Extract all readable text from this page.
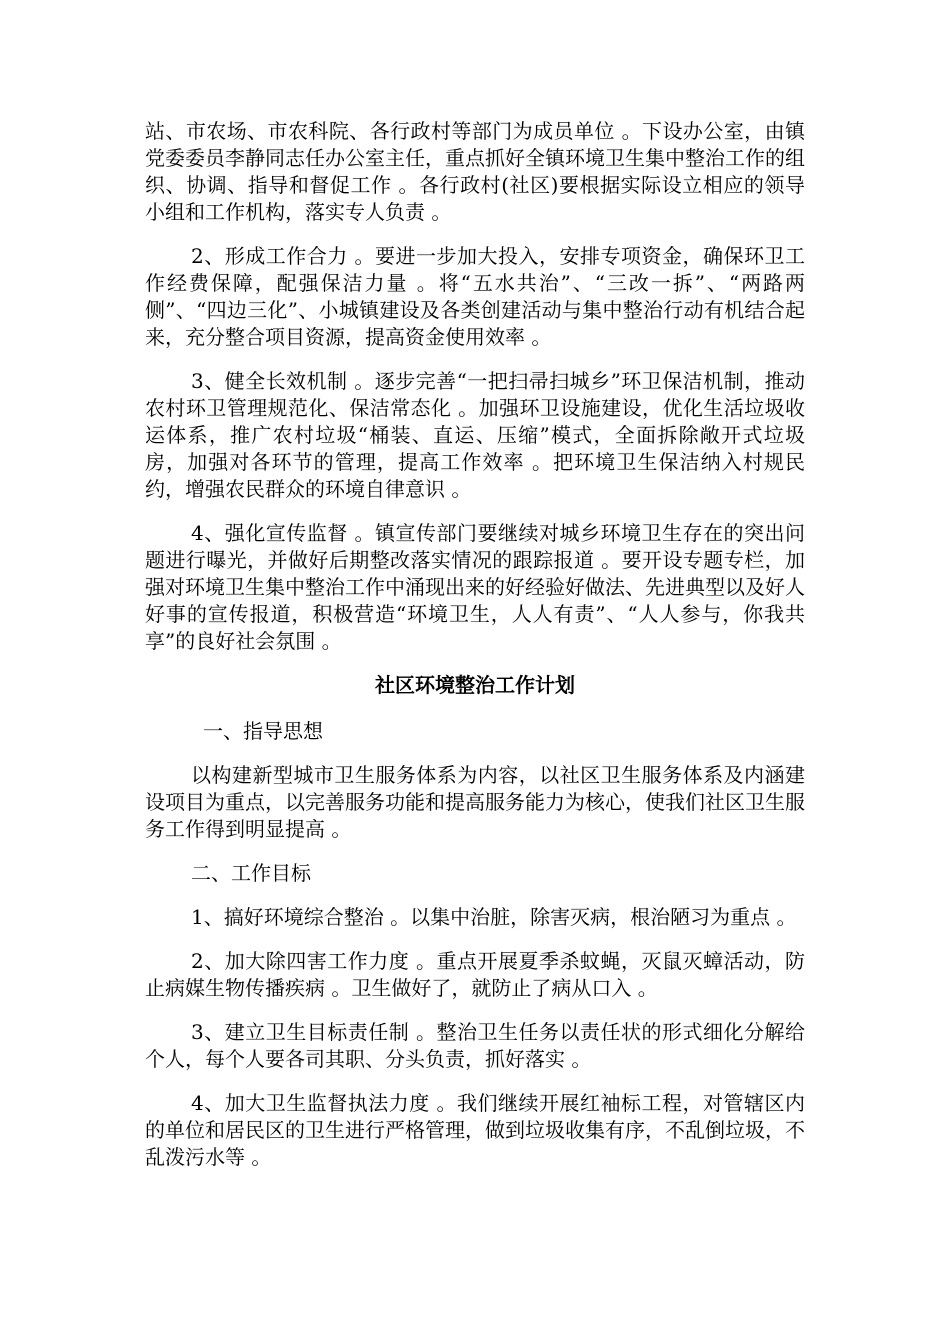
站、市农场、市农科院、各行政村等部门为成员单位 。下设办公室，由镇党委委员李静同志任办公室主任，重点抓好全镇环境卫生集中整治工作的组织、协调、指导和督促工作 。各行政村(社区)要根据实际设立相应的领导小组和工作机构，落实专人负责 。

2、形成工作合力 。要进一步加大投入，安排专项资金，确保环卫工作经费保障，配强保洁力量 。将“五水共治”、“三改一拆”、“两路两侧”、“四边三化”、小城镇建设及各类创建活动与集中整治行动有机结合起来，充分整合项目资源，提高资金使用效率 。

3、健全长效机制 。逐步完善“一把扫帚扫城乡”环卫保洁机制，推动农村环卫管理规范化、保洁常态化 。加强环卫设施建设，优化生活垃圾收运体系，推广农村垃圾“桶装、直运、压缩”模式，全面拆除敞开式垃圾房，加强对各环节的管理，提高工作效率 。把环境卫生保洁纳入村规民约，增强农民群众的环境自律意识 。

4、强化宣传监督 。镇宣传部门要继续对城乡环境卫生存在的突出问题进行曝光，并做好后期整改落实情况的跟踪报道 。要开设专题专栏，加强对环境卫生集中整治工作中涌现出来的好经验好做法、先进典型以及好人好事的宣传报道，积极营造“环境卫生，人人有责”、“人人参与，你我共享”的良好社会氛围 。

社区环境整治工作计划

一、指导思想

以构建新型城市卫生服务体系为内容，以社区卫生服务体系及内涵建设项目为重点，以完善服务功能和提高服务能力为核心，使我们社区卫生服务工作得到明显提高 。

二、工作目标

1、搞好环境综合整治 。以集中治脏，除害灭病，根治陋习为重点 。

2、加大除四害工作力度 。重点开展夏季杀蚊蝇，灭鼠灭蟑活动，防止病媒生物传播疾病 。卫生做好了，就防止了病从口入 。

3、建立卫生目标责任制 。整治卫生任务以责任状的形式细化分解给个人，每个人要各司其职、分头负责，抓好落实 。

4、加大卫生监督执法力度 。我们继续开展红袖标工程，对管辖区内的单位和居民区的卫生进行严格管理，做到垃圾收集有序，不乱倒垃圾，不乱泼污水等 。
